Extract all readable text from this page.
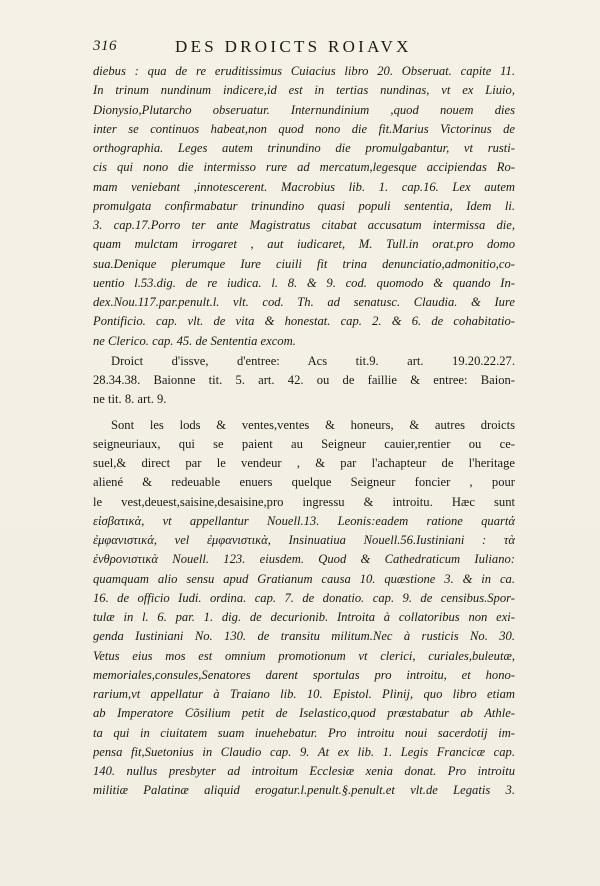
316	DES DROICTS ROIAVX
diebus : qua de re eruditissimus Cuiacius libro 20. Obseruat. capite 11.
In trinum nundinum indicere,id est in tertias nundinas, vt ex Liuio,
Dionysio,Plutarcho obseruatur. Internundinium ,quod nouem dies
inter se continuos habeat,non quod nono die fit.Marius Victorinus de
orthographia. Leges autem trinundino die promulgabantur, vt rusti-
cis qui nono die intermisso rure ad mercatum,legesque accipiendas Ro-
mam veniebant ,innotescerent. Macrobius lib. 1. cap.16. Lex autem
promulgata confirmabatur trinundino quasi populi sententia, Idem li.
3. cap.17.Porro ter ante Magistratus citabat accusatum intermissa die,
quam mulctam irrogaret , aut iudicaret, M. Tull.in orat.pro domo
sua.Denique plerumque Iure ciuili fit trina denunciatio,admonitio,co-
uentio l.53.dig. de re iudica. l. 8. & 9. cod. quomodo & quando In-
dex.Nou.117.par.penult.l. vlt. cod. Th. ad senatusc. Claudia. & Iure
Pontificio. cap. vlt. de vita & honestat. cap. 2. & 6. de cohabitatio-
ne Clerico. cap. 45. de Sententia excom.
Droict d'issve, d'entree: Acs tit.9. art. 19.20.22.27.
28.34.38. Baionne tit. 5. art. 42. ou de faillie & entree: Baion-
ne tit. 8. art. 9.
Sont les lods & ventes,ventes & honeurs, & autres droicts
seigneuriaux, qui se paient au Seigneur cauier,rentier ou ce-
suel,& direct par le vendeur , & par l'achapteur de l'heritage
aliené & redeuable enuers quelque Seigneur foncier , pour
le vest,deuest,saisine,desaisine,pro ingressu & introitu. Hæc sunt
εἰσβατικὰ, vt appellantur Nouell.13. Leonis:eadem ratione quartά
ἐμφανιστικά, vel ἐμφανιστικὰ, Insinuatiua Nouell.56.Iustiniani : τὰ
ἐνθρονιστικὰ Nouell. 123. eiusdem. Quod & Cathedraticum Iuliano:
quamquam alio sensu apud Gratianum causa 10. quæstione 3. & in ca.
16. de officio Iudi. ordina. cap. 7. de donatio. cap. 9. de censibus.Spor-
tulæ in l. 6. par. 1. dig. de decurionib. Introita à collatoribus non exi-
genda Iustiniani No. 130. de transitu militum.Nec à rusticis No. 30.
Vetus eius mos est omnium promotionum vt clerici, curiales,buleutæ,
memoriales,consules,Senatores darent sportulas pro introitu, et hono-
rarium,vt appellatur à Traiano lib. 10. Epistol. Plinij, quo libro etiam
ab Imperatore Cõsilium petit de Iselastico,quod præstabatur ab Athle-
ta qui in ciuitatem suam inuehebatur. Pro introitu noui sacerdotij im-
pensa fit,Suetonius in Claudio cap. 9. At ex lib. 1. Legis Francicæ cap.
140. nullus presbyter ad introitum Ecclesiæ xenia donat. Pro introitu
militiæ Palatinæ aliquid erogatur.l.penult.§.penult.et vlt.de Legatis 3.
